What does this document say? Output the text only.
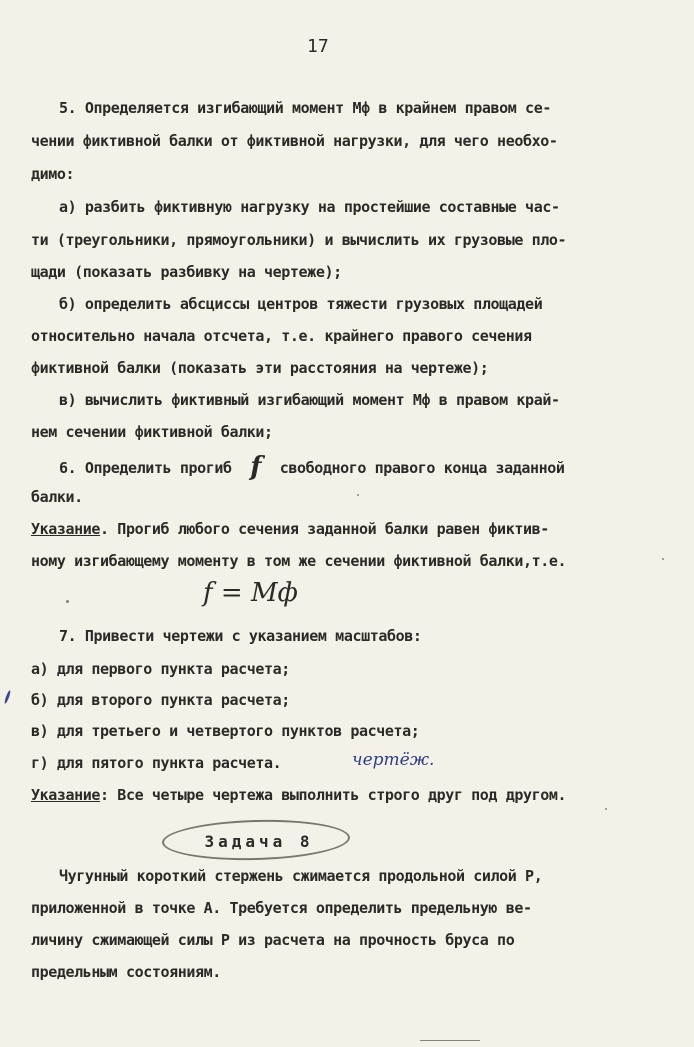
17
5. Определяется изгибающий момент Мф в крайнем правом се-
чении фиктивной балки от фиктивной нагрузки, для чего необхо-
димо:
а) разбить фиктивную нагрузку на простейшие составные час-
ти (треугольники, прямоугольники) и вычислить их грузовые пло-
щади (показать разбивку на чертеже);
б) определить абсциссы центров тяжести грузовых площадей
относительно начала отсчета, т.е. крайнего правого сечения
фиктивной балки (показать эти расстояния на чертеже);
в) вычислить фиктивный изгибающий момент Мф в правом край-
нем сечении фиктивной балки;
6. Определить прогиб f свободного правого конца заданной
балки.
Указание. Прогиб любого сечения заданной балки равен фиктив-
ному изгибающему моменту в том же сечении фиктивной балки,т.е.
f = Мф
7. Привести чертежи с указанием масштабов:
а) для первого пункта расчета;
б) для второго пункта расчета;
в) для третьего и четвертого пунктов расчета;
г) для пятого пункта расчета.	чертёж.
Указание: Все четыре чертежа выполнить строго друг под другом.
Задача 8
Чугунный короткий стержень сжимается продольной силой Р,
приложенной в точке А. Требуется определить предельную ве-
личину сжимающей силы Р из расчета на прочность бруса по
предельным состояниям.
